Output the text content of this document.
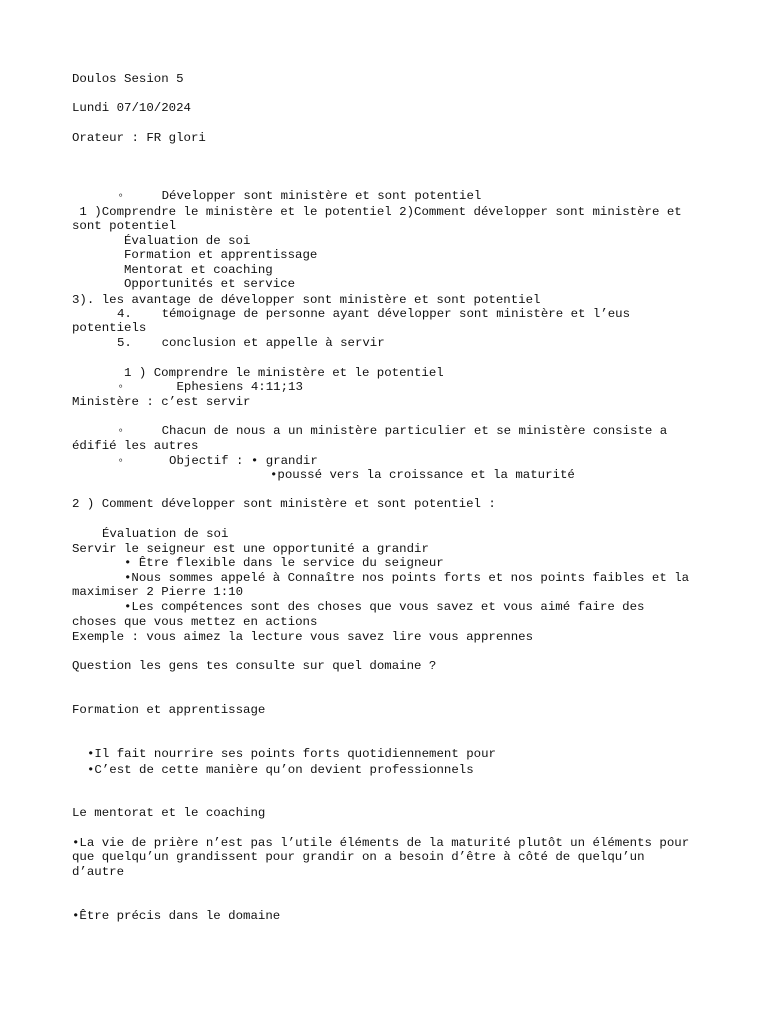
Doulos Sesion 5

Lundi 07/10/2024

Orateur : FR glori

◦     Développer sont ministère et sont potentiel

1 )Comprendre le ministère et le potentiel 2)Comment développer sont ministère et

sont potentiel

Évaluation de soi

Formation et apprentissage

Mentorat et coaching

Opportunités et service

3). les avantage de développer sont ministère et sont potentiel

4.    témoignage de personne ayant développer sont ministère et l’eus

potentiels

5.    conclusion et appelle à servir

1 ) Comprendre le ministère et le potentiel

◦       Ephesiens 4:11;13

Ministère : c’est servir

◦     Chacun de nous a un ministère particulier et se ministère consiste a

édifié les autres

◦      Objectif : • grandir

•poussé vers la croissance et la maturité

2 ) Comment développer sont ministère et sont potentiel :

Évaluation de soi

Servir le seigneur est une opportunité a grandir

• Être flexible dans le service du seigneur

•Nous sommes appelé à Connaître nos points forts et nos points faibles et la

maximiser 2 Pierre 1:10

•Les compétences sont des choses que vous savez et vous aimé faire des

choses que vous mettez en actions

Exemple : vous aimez la lecture vous savez lire vous apprennes

Question les gens tes consulte sur quel domaine ?

Formation et apprentissage

•Il fait nourrire ses points forts quotidiennement pour

•C’est de cette manière qu’on devient professionnels

Le mentorat et le coaching

•La vie de prière n’est pas l’utile éléments de la maturité plutôt un éléments pour

que quelqu’un grandissent pour grandir on a besoin d’être à côté de quelqu’un

d’autre

•Être précis dans le domaine
